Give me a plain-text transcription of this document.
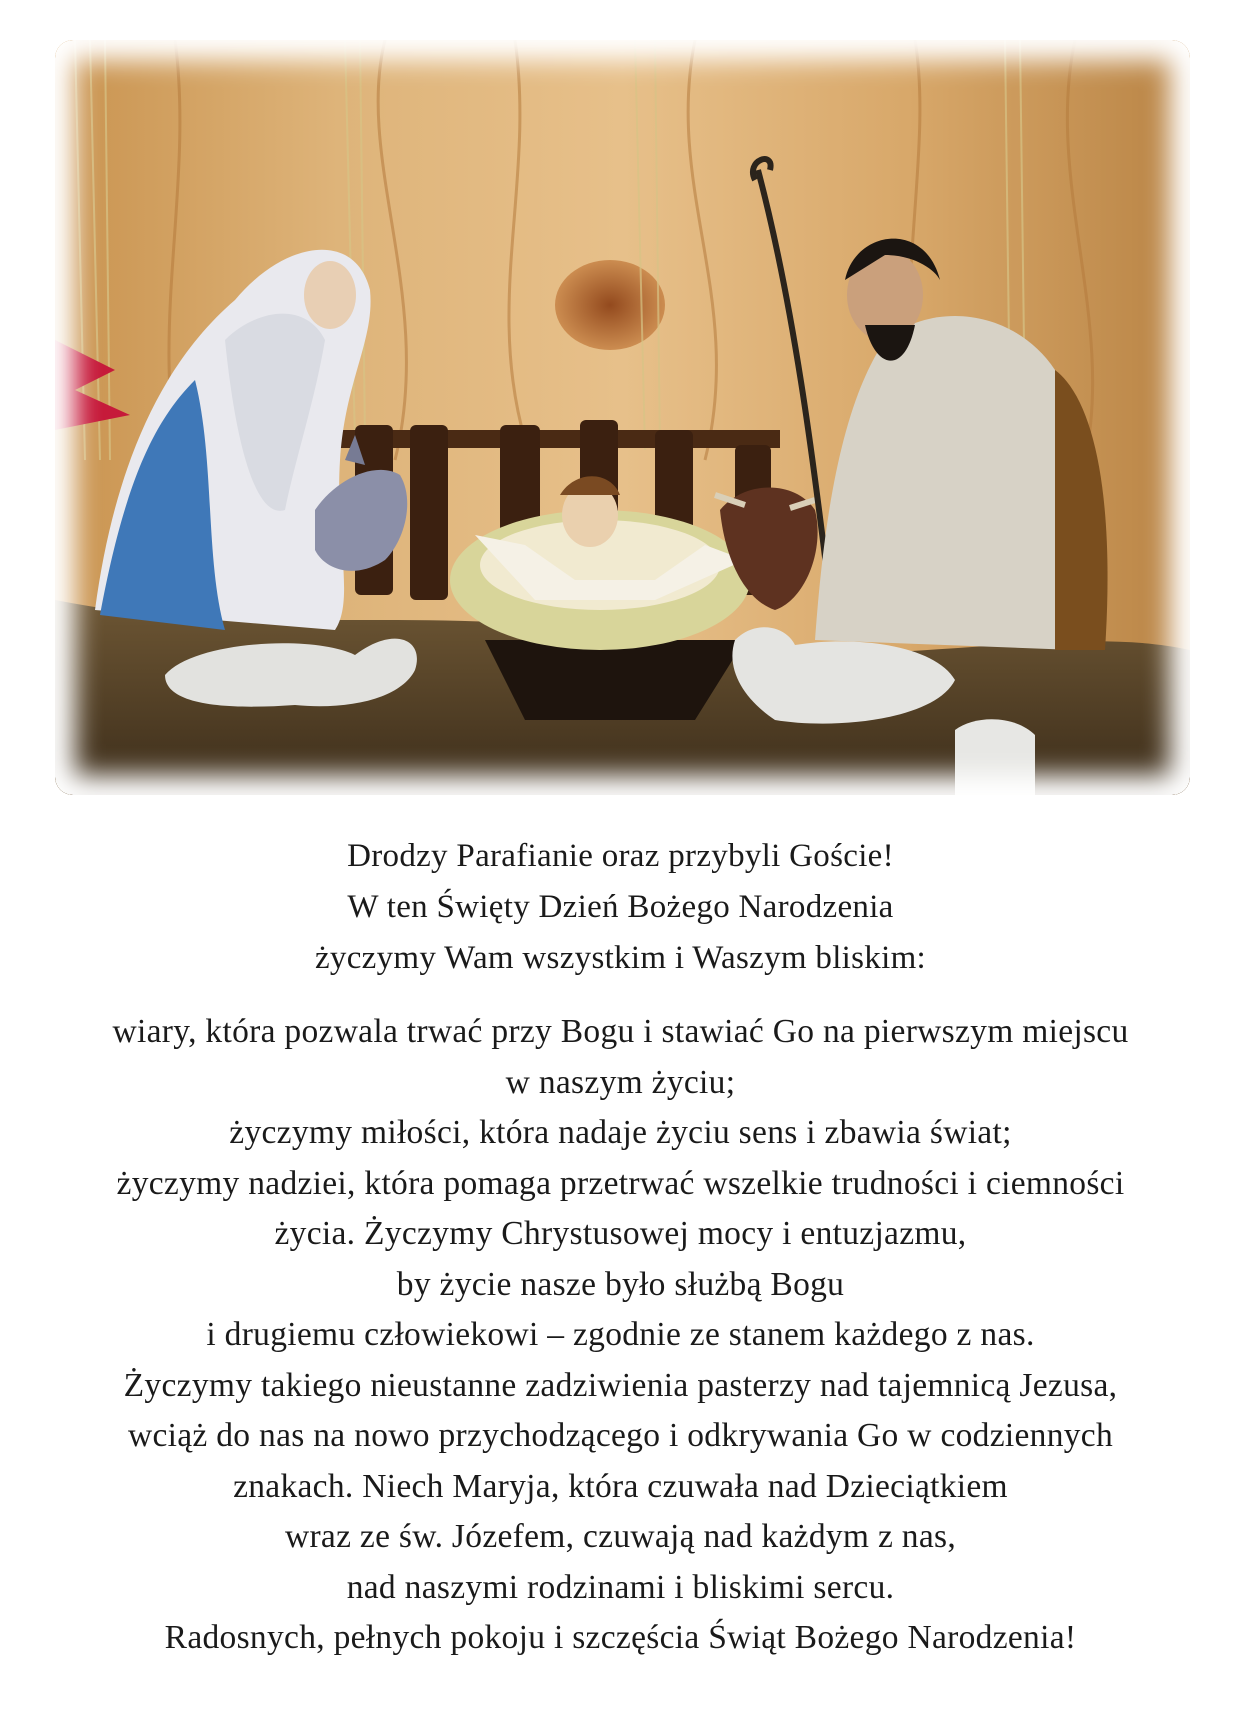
Drodzy Parafianie oraz przybyli Goście!
W ten Święty Dzień Bożego Narodzenia
życzymy Wam wszystkim i Waszym bliskim:
wiary, która pozwala trwać przy Bogu i stawiać Go na pierwszym miejscu
w naszym życiu;
życzymy miłości, która nadaje życiu sens i zbawia świat;
życzymy nadziei, która pomaga przetrwać wszelkie trudności i ciemności
życia. Życzymy Chrystusowej mocy i entuzjazmu,
by życie nasze było służbą Bogu
i drugiemu człowiekowi – zgodnie ze stanem każdego z nas.
Życzymy takiego nieustanne zadziwienia pasterzy nad tajemnicą Jezusa,
wciąż do nas na nowo przychodzącego i odkrywania Go w codziennych
znakach. Niech Maryja, która czuwała nad Dzieciątkiem
wraz ze św. Józefem, czuwają nad każdym z nas,
nad naszymi rodzinami i bliskimi sercu.
Radosnych, pełnych pokoju i szczęścia Świąt Bożego Narodzenia!
